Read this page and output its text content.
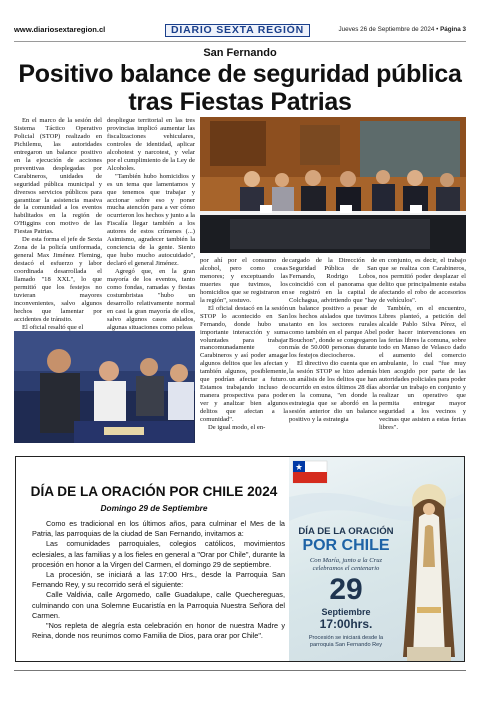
www.diariosextaregion.cl	DIARIO SEXTA REGIÓN	Jueves 26 de Septiembre de 2024 • Página 3
San Fernando
Positivo balance de seguridad pública tras Fiestas Patrias

En el marco de la sesión del Sistema Táctico Operativo Policial (STOP) realizado en Pichilemu, las autoridades entregaron un balance positivo en la ejecución de acciones preventivas desplegadas por Carabineros, unidades de seguridad pública municipal y diversos servicios públicos para garantizar la asistencia masiva de la comunidad a los eventos habilitados en la región de O'Higgins con motivo de las Fiestas Patrias.

De esta forma el jefe de Sexta Zona de la policía uniformada, general Max Jiménez Fleming, destacó el esfuerzo y labor coordinada desarrollada el llamado "18 XXL", lo que permitió que los festejos no tuvieran mayores inconvenientes, salvo algunos hechos que lamentar por accidentes de tránsito.

El oficial resaltó que el

despliegue territorial en las tres provincias implicó aumentar las fiscalizaciones vehiculares, controles de identidad, aplicar alcohotest y narcotest, y velar por el cumplimiento de la Ley de Alcoholes.

"También hubo homicidios y es un tema que lamentamos y que tenemos que trabajar y accionar sobre eso y poner mucha atención para a ver cómo ocurrieron los hechos y junto a la Fiscalía llegar también a los autores de estos crímenes (...) Asimismo, agradecer también la conciencia de la gente. Siento que hubo mucho autocuidado", declaró el general Jiménez.

Agregó que, en la gran mayoría de los eventos, tanto como fondas, ramadas y fiestas costumbristas "hubo un desarrollo relativamente normal en casi la gran mayoría de ellos, salvo algunos casos aislados, algunas situaciones como peleas

por ahí por el consumo de alcohol, pero como cosas menores; y exceptuando las muertes que tuvimos, los homicidios que se registraron en la región", sostuvo.

El oficial destacó en la sesión STOP lo acontecido en San Fernando, donde hubo una importante interacción y suma voluntades para trabajar mancomunadamente con Carabineros y así poder amagar algunos delitos que les afectan y también algunos, posiblemente, que podrían afectar a futuro. Estamos trabajando incluso de manera prospectiva para poder ver y analizar bien algunos delitos que afectan a la comunidad".

De igual modo, el en-

cargado de la Dirección de Seguridad Pública de San Fernando, Rodrigo Lobos, coincidió con el panorama que se registró en la capital de Colchagua, advirtiendo que "hay un balance positivo a pesar de los hechos aislados que tuvimos tanto en los sectores rurales como también en el parque Abel Bouchon", donde se congregaron más de 50.000 personas durante los festejos dieciocheros.

El directivo dio cuenta que en la sesión STOP se hizo además un análisis de los delitos que han ocurrido en estos últimos 28 días en la comuna, "en donde la estrategia que se abordó en la sesión anterior dio un balance positivo y la estrategia

en conjunto, es decir, el trabajo que se realiza con Carabineros, nos permitió poder desplazar el delito que principalmente estaba afectando el robo de accesorios de vehículos".

También, en el encuentro, Libres planteó, a petición del alcalde Pablo Silva Pérez, el poder hacer intervenciones en las ferias libres la comuna, sobre todo en Manso de Velasco dado el aumento del comercio ambulante, lo cual "fue muy bien acogido por parte de las autoridades policiales para poder abordar un trabajo en conjunto y realizar un operativo que permita entregar mayor seguridad a los vecinos y vecinas que asisten a estas ferias libres".

DÍA DE LA ORACIÓN POR CHILE 2024
Domingo 29 de Septiembre

Como es tradicional en los últimos años, para culminar el Mes de la Patria, las parroquias de la ciudad de San Fernando, invitamos a:

Las comunidades parroquiales, colegios católicos, movimientos eclesiales, a las familias y a los fieles en general a "Orar por Chile", durante la procesión en honor a la Virgen del Carmen, el domingo 29 de septiembre.

La procesión, se iniciará a las 17:00 Hrs., desde la Parroquia San Fernando Rey, y su recorrido será el siguiente:

Calle Valdivia, calle Argomedo, calle Guadalupe, calle Quechereguas, culminando con una Solemne Eucaristía en la Parroquia Nuestra Señora del Carmen.

"Nos repleta de alegría esta celebración en honor de nuestra Madre y Reina, donde nos reunimos como Familia de Dios, para orar por Chile".

DÍA DE LA ORACIÓN
POR CHILE
Con María, junto a la Cruz
celebramos el centenario
29
Septiembre
17:00hrs.
Procesión se iniciará desde la
parroquia San Fernando Rey
